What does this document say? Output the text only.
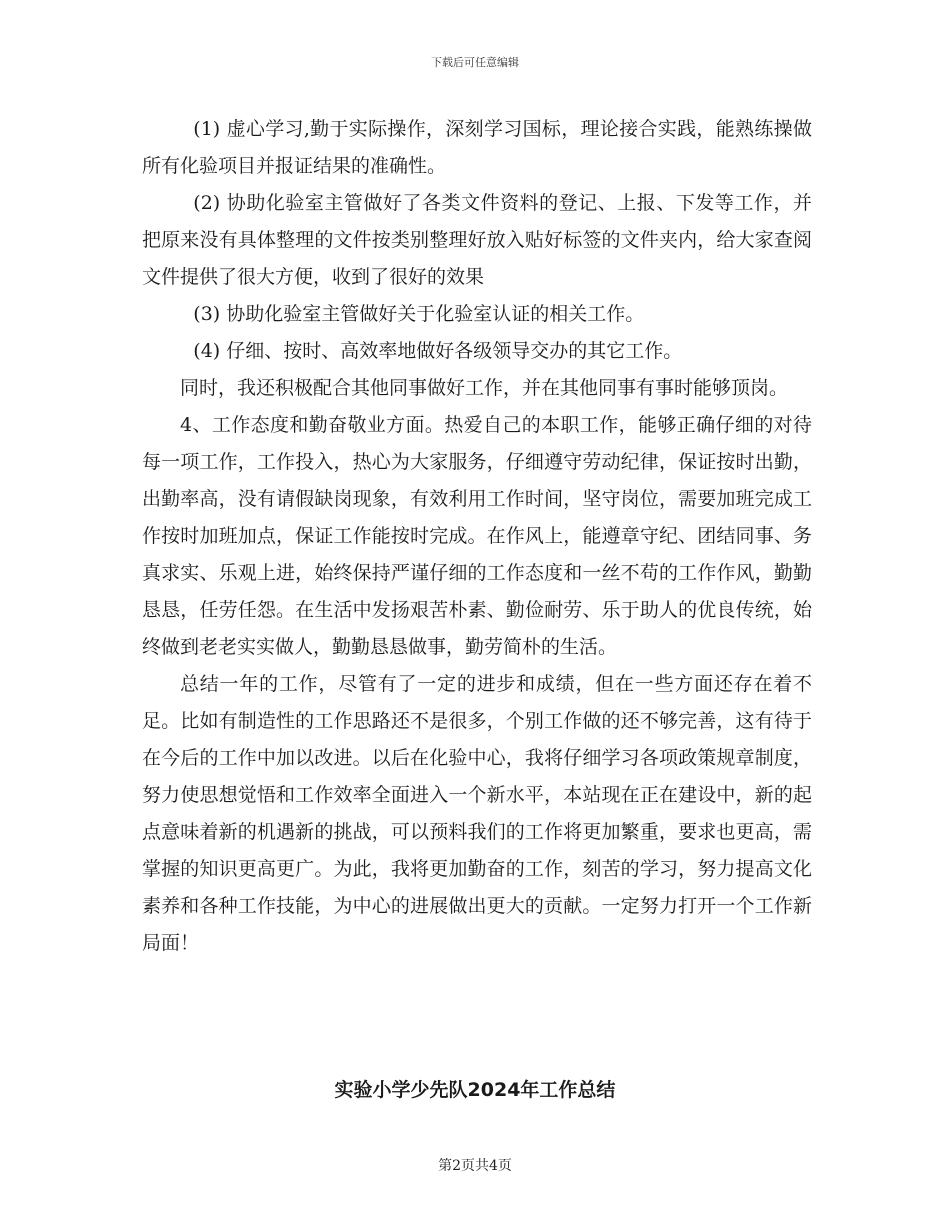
下载后可任意编辑

(1) 虚心学习,勤于实际操作，深刻学习国标，理论接合实践，能熟练操做所有化验项目并报证结果的准确性。

(2) 协助化验室主管做好了各类文件资料的登记、上报、下发等工作，并把原来没有具体整理的文件按类别整理好放入贴好标签的文件夹内，给大家查阅文件提供了很大方便，收到了很好的效果

(3) 协助化验室主管做好关于化验室认证的相关工作。

(4) 仔细、按时、高效率地做好各级领导交办的其它工作。

同时，我还积极配合其他同事做好工作，并在其他同事有事时能够顶岗。

4、工作态度和勤奋敬业方面。热爱自己的本职工作，能够正确仔细的对待每一项工作，工作投入，热心为大家服务，仔细遵守劳动纪律，保证按时出勤，出勤率高，没有请假缺岗现象，有效利用工作时间，坚守岗位，需要加班完成工作按时加班加点，保证工作能按时完成。在作风上，能遵章守纪、团结同事、务真求实、乐观上进，始终保持严谨仔细的工作态度和一丝不苟的工作作风，勤勤恳恳，任劳任怨。在生活中发扬艰苦朴素、勤俭耐劳、乐于助人的优良传统，始终做到老老实实做人，勤勤恳恳做事，勤劳简朴的生活。

总结一年的工作，尽管有了一定的进步和成绩，但在一些方面还存在着不足。比如有制造性的工作思路还不是很多，个别工作做的还不够完善，这有待于在今后的工作中加以改进。以后在化验中心，我将仔细学习各项政策规章制度，努力使思想觉悟和工作效率全面进入一个新水平，本站现在正在建设中，新的起点意味着新的机遇新的挑战，可以预料我们的工作将更加繁重，要求也更高，需掌握的知识更高更广。为此，我将更加勤奋的工作，刻苦的学习，努力提高文化素养和各种工作技能，为中心的进展做出更大的贡献。一定努力打开一个工作新局面！

实验小学少先队2024年工作总结
第2页共4页
